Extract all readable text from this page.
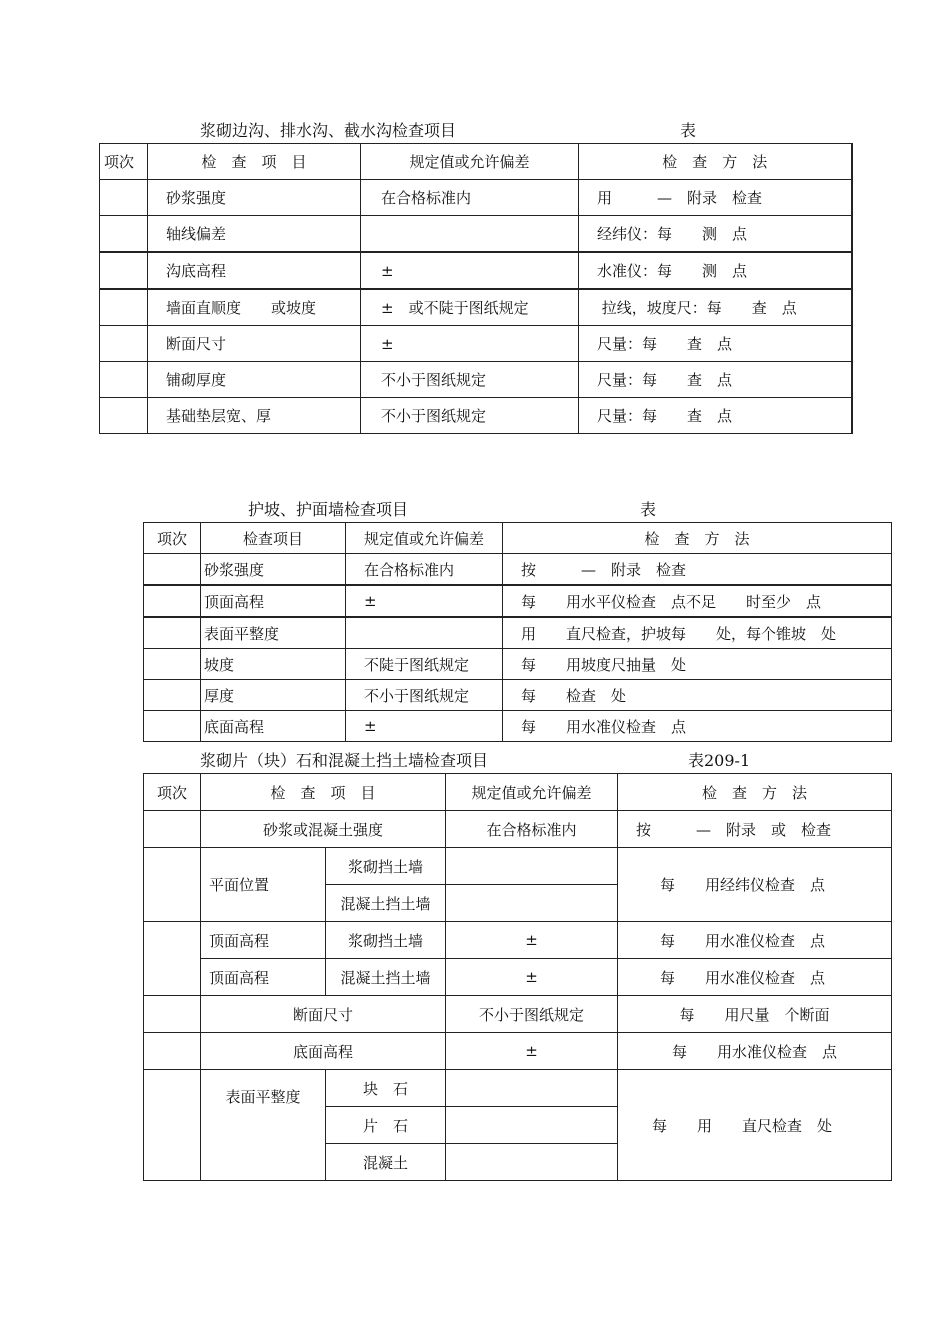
浆砌边沟、排水沟、截水沟检查项目	表
项次	检　查　项　目	规定值或允许偏差	检　查　方　法
	砂浆强度	在合格标准内	用　　　—　附录　检查
	轴线偏差		经纬仪：每　　测　点
	沟底高程	±	水准仪：每　　测　点
	墙面直顺度　　或坡度	±　或不陡于图纸规定	拉线，坡度尺：每　　查　点
	断面尺寸	±	尺量：每　　查　点
	铺砌厚度	不小于图纸规定	尺量：每　　查　点
	基础垫层宽、厚	不小于图纸规定	尺量：每　　查　点
护坡、护面墙检查项目	表
项次	检查项目	规定值或允许偏差	检　查　方　法
	砂浆强度	在合格标准内	按　　　—　附录　检查
	顶面高程	±	每　　用水平仪检查　点不足　　时至少　点
	表面平整度		用　　直尺检查，护坡每　　处，每个锥坡　处
	坡度	不陡于图纸规定	每　　用坡度尺抽量　处
	厚度	不小于图纸规定	每　　检查　处
	底面高程	±	每　　用水准仪检查　点
浆砌片（块）石和混凝土挡土墙检查项目	表209-1
项次	检　查　项　目		规定值或允许偏差	检　查　方　法
	砂浆或混凝土强度		在合格标准内	按　　　—　附录　或　检查
	平面位置	浆砌挡土墙		每　　用经纬仪检查　点
		混凝土挡土墙		
	顶面高程	浆砌挡土墙	±	每　　用水准仪检查　点
	顶面高程	混凝土挡土墙	±	每　　用水准仪检查　点
	断面尺寸		不小于图纸规定	每　　用尺量　个断面
	底面高程		±	每　　用水准仪检查　点
	表面平整度	块　石		每　　用　　直尺检查　处
		片　石		
		混凝土		
